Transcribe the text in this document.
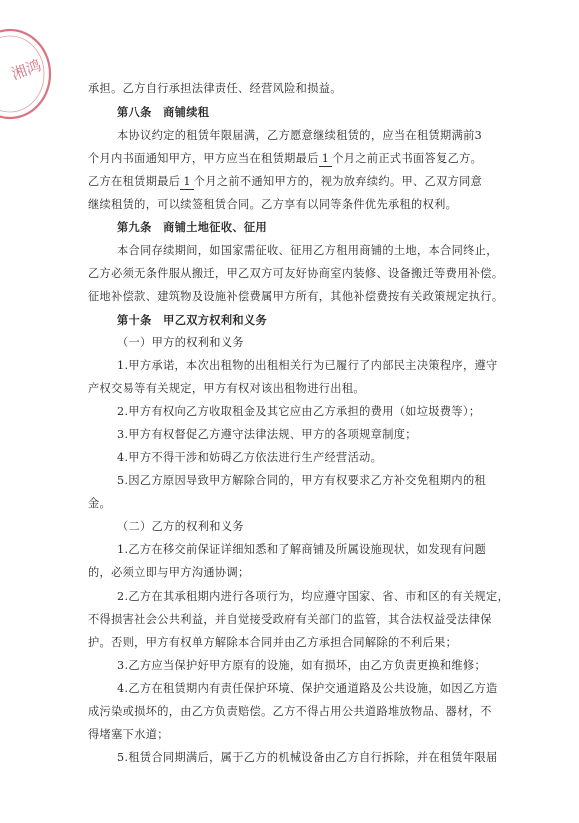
湘鸿
承担。乙方自行承担法律责任、经营风险和损益。
第八条　商铺续租
本协议约定的租赁年限届满，乙方愿意继续租赁的，应当在租赁期满前3
个月内书面通知甲方，甲方应当在租赁期最后 1 个月之前正式书面答复乙方。
乙方在租赁期最后 1 个月之前不通知甲方的，视为放弃续约。甲、乙双方同意
继续租赁的，可以续签租赁合同。乙方享有以同等条件优先承租的权利。
第九条　商铺土地征收、征用
本合同存续期间，如国家需征收、征用乙方租用商铺的土地，本合同终止，
乙方必须无条件服从搬迁，甲乙双方可友好协商室内装修、设备搬迁等费用补偿。
征地补偿款、建筑物及设施补偿费属甲方所有，其他补偿费按有关政策规定执行。
第十条　甲乙双方权利和义务
（一）甲方的权利和义务
1.甲方承诺，本次出租物的出租相关行为已履行了内部民主决策程序，遵守
产权交易等有关规定，甲方有权对该出租物进行出租。
2.甲方有权向乙方收取租金及其它应由乙方承担的费用（如垃圾费等）；
3.甲方有权督促乙方遵守法律法规、甲方的各项规章制度；
4.甲方不得干涉和妨碍乙方依法进行生产经营活动。
5.因乙方原因导致甲方解除合同的，甲方有权要求乙方补交免租期内的租
金。
（二）乙方的权利和义务
1.乙方在移交前保证详细知悉和了解商铺及所属设施现状，如发现有问题
的，必须立即与甲方沟通协调；
2.乙方在其承租期内进行各项行为，均应遵守国家、省、市和区的有关规定，
不得损害社会公共利益，并自觉接受政府有关部门的监管，其合法权益受法律保
护。否则，甲方有权单方解除本合同并由乙方承担合同解除的不利后果；
3.乙方应当保护好甲方原有的设施，如有损坏，由乙方负责更换和维修；
4.乙方在租赁期内有责任保护环境、保护交通道路及公共设施，如因乙方造
成污染或损坏的，由乙方负责赔偿。乙方不得占用公共道路堆放物品、器材，不
得堵塞下水道；
5.租赁合同期满后，属于乙方的机械设备由乙方自行拆除，并在租赁年限届
